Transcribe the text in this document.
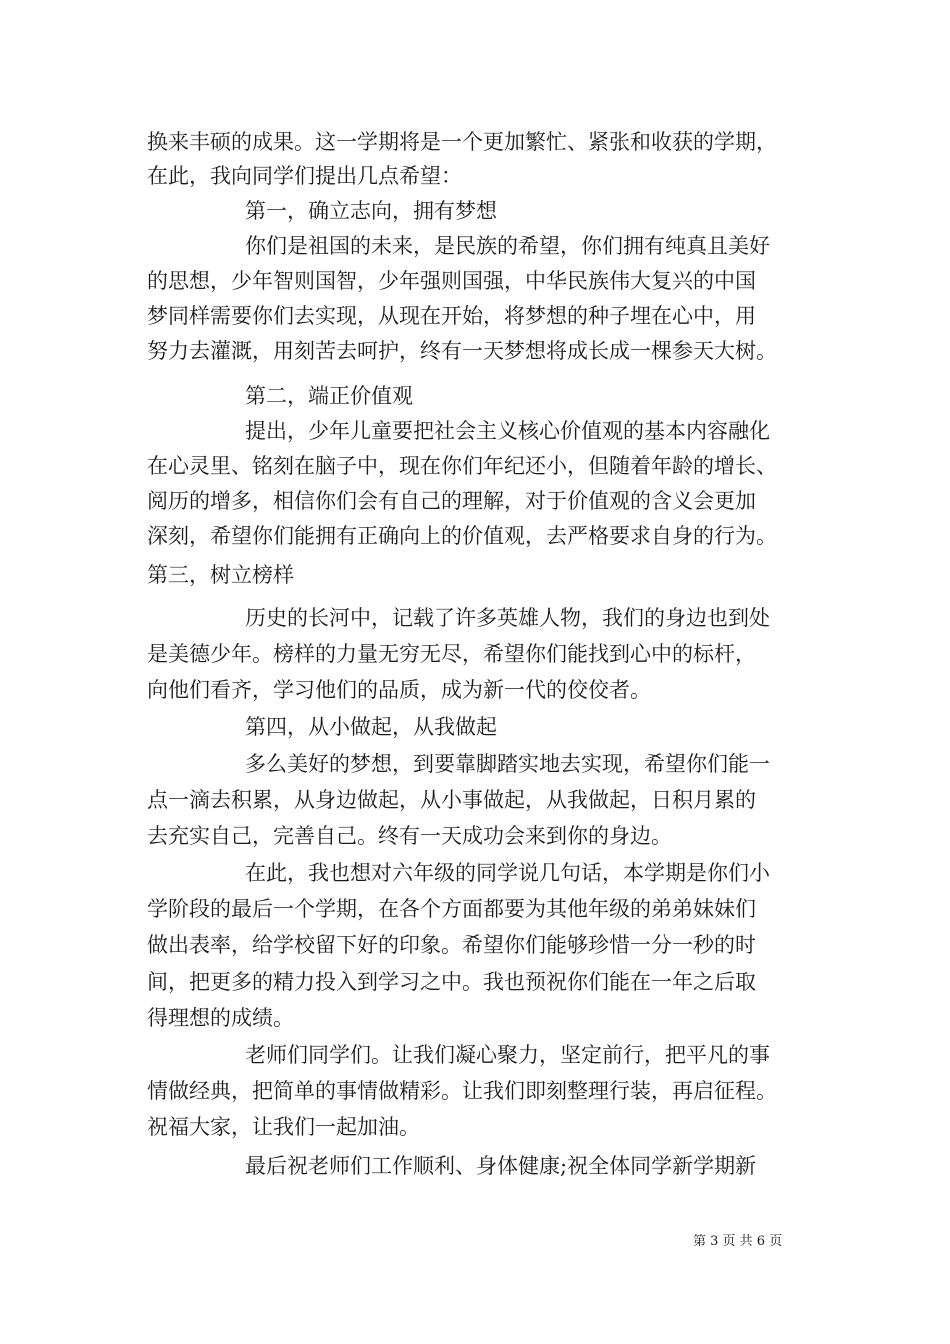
换来丰硕的成果。这一学期将是一个更加繁忙、紧张和收获的学期，
在此，我向同学们提出几点希望：
第一，确立志向，拥有梦想
你们是祖国的未来，是民族的希望，你们拥有纯真且美好
的思想，少年智则国智，少年强则国强，中华民族伟大复兴的中国
梦同样需要你们去实现，从现在开始，将梦想的种子埋在心中，用
努力去灌溉，用刻苦去呵护，终有一天梦想将成长成一棵参天大树。
第二，端正价值观
提出，少年儿童要把社会主义核心价值观的基本内容融化
在心灵里、铭刻在脑子中，现在你们年纪还小，但随着年龄的增长、
阅历的增多，相信你们会有自己的理解，对于价值观的含义会更加
深刻，希望你们能拥有正确向上的价值观，去严格要求自身的行为。
第三，树立榜样
历史的长河中，记载了许多英雄人物，我们的身边也到处
是美德少年。榜样的力量无穷无尽，希望你们能找到心中的标杆，
向他们看齐，学习他们的品质，成为新一代的佼佼者。
第四，从小做起，从我做起
多么美好的梦想，到要靠脚踏实地去实现，希望你们能一
点一滴去积累，从身边做起，从小事做起，从我做起，日积月累的
去充实自己，完善自己。终有一天成功会来到你的身边。
在此，我也想对六年级的同学说几句话，本学期是你们小
学阶段的最后一个学期，在各个方面都要为其他年级的弟弟妹妹们
做出表率，给学校留下好的印象。希望你们能够珍惜一分一秒的时
间，把更多的精力投入到学习之中。我也预祝你们能在一年之后取
得理想的成绩。
老师们同学们。让我们凝心聚力，坚定前行，把平凡的事
情做经典，把简单的事情做精彩。让我们即刻整理行装，再启征程。
祝福大家，让我们一起加油。
最后祝老师们工作顺利、身体健康;祝全体同学新学期新
第 3 页 共 6 页
